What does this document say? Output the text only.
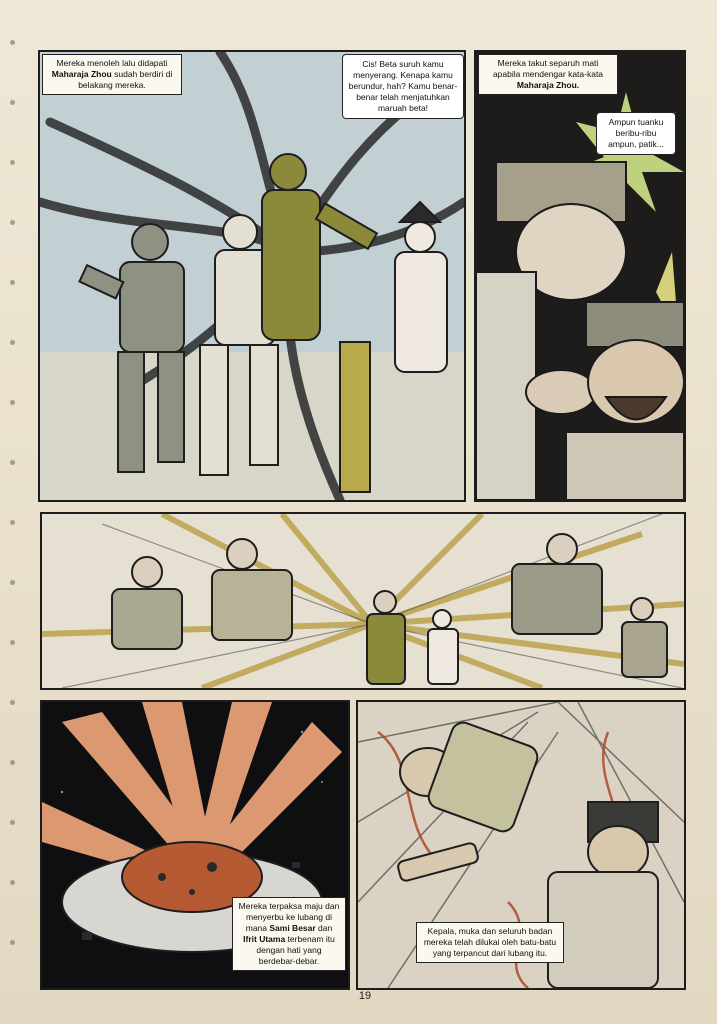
Mereka menoleh lalu didapati Maharaja Zhou sudah berdiri di belakang mereka.
Cis! Beta suruh kamu menyerang. Kenapa kamu berundur, hah? Kamu benar-benar telah menjatuhkan maruah beta!
Mereka takut separuh mati apabila mendengar kata-kata Maharaja Zhou.
Ampun tuanku beribu-ribu ampun, patik...
Mereka terpaksa maju dan menyerbu ke lubang di mana Sami Besar dan Ifrit Utama terbenam itu dengan hati yang berdebar-debar.
Kepala, muka dan seluruh badan mereka telah dilukai oleh batu-batu yang terpancut dari lubang itu.
19
